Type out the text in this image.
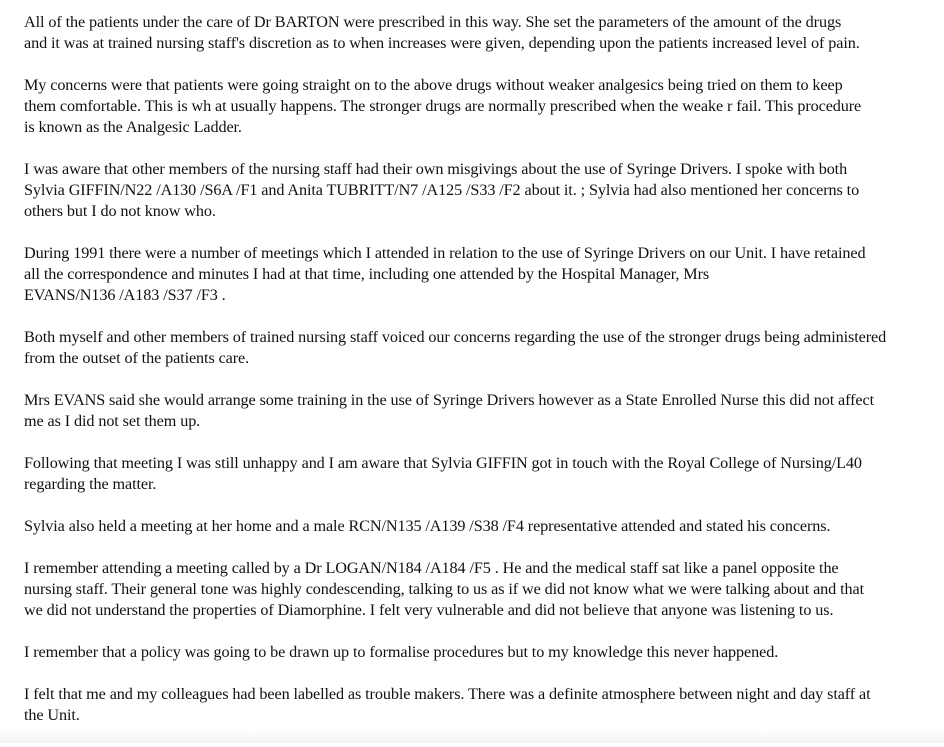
All of the patients under the care of Dr BARTON were prescribed in this way. She set the parameters of the amount of the drugs
and it was at trained nursing staff's discretion as to when increases were given, depending upon the patients increased level of pain.

My concerns were that patients were going straight on to the above drugs without weaker analgesics being tried on them to keep
them comfortable. This is wh at usually happens. The stronger drugs are normally prescribed when the weake r fail. This procedure
is known as the Analgesic Ladder.

I was aware that other members of the nursing staff had their own misgivings about the use of Syringe Drivers. I spoke with both
Sylvia GIFFIN/N22 /A130 /S6A /F1 and Anita TUBRITT/N7 /A125 /S33 /F2 about it. ; Sylvia had also mentioned her concerns to
others but I do not know who.

During 1991 there were a number of meetings which I attended in relation to the use of Syringe Drivers on our Unit. I have retained
all the correspondence and minutes I had at that time, including one attended by the Hospital Manager, Mrs
EVANS/N136 /A183 /S37 /F3 .

Both myself and other members of trained nursing staff voiced our concerns regarding the use of the stronger drugs being administered
from the outset of the patients care.

Mrs EVANS said she would arrange some training in the use of Syringe Drivers however as a State Enrolled Nurse this did not affect
me as I did not set them up.

Following that meeting I was still unhappy and I am aware that Sylvia GIFFIN got in touch with the Royal College of Nursing/L40
regarding the matter.

Sylvia also held a meeting at her home and a male RCN/N135 /A139 /S38 /F4 representative attended and stated his concerns.

I remember attending a meeting called by a Dr LOGAN/N184 /A184 /F5 . He and the medical staff sat like a panel opposite the
nursing staff. Their general tone was highly condescending, talking to us as if we did not know what we were talking about and that
we did not understand the properties of Diamorphine. I felt very vulnerable and did not believe that anyone was listening to us.

I remember that a policy was going to be drawn up to formalise procedures but to my knowledge this never happened.

I felt that me and my colleagues had been labelled as trouble makers. There was a definite atmosphere between night and day staff at
the Unit.
